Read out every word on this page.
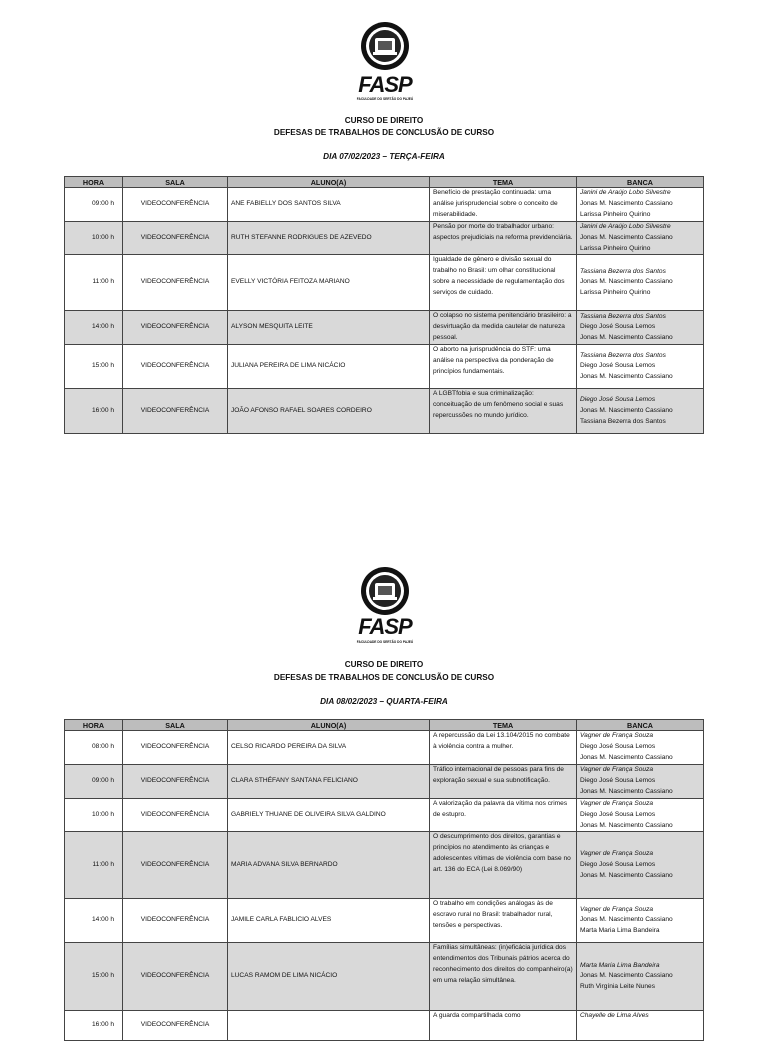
FASP
FACULDADE DO SERTÃO DO PAJEÚ
CURSO DE DIREITO
DEFESAS DE TRABALHOS DE CONCLUSÃO DE CURSO
DIA 07/02/2023 – TERÇA-FEIRA
HORA	SALA	ALUNO(A)	TEMA	BANCA
09:00 h	VIDEOCONFERÊNCIA	ANE FABIELLY DOS SANTOS SILVA	Benefício de prestação continuada: uma análise jurisprudencial sobre o conceito de miserabilidade.	Janini de Araújo Lobo Silvestre
Jonas M. Nascimento Cassiano
Larissa Pinheiro Quirino

10:00 h	VIDEOCONFERÊNCIA	RUTH STEFANNE RODRIGUES DE AZEVEDO	Pensão por morte do trabalhador urbano: aspectos prejudiciais na reforma previdenciária.	Janini de Araújo Lobo Silvestre
Jonas M. Nascimento Cassiano
Larissa Pinheiro Quirino

11:00 h	VIDEOCONFERÊNCIA	EVELLY VICTÓRIA FEITOZA MARIANO	Igualdade de gênero e divisão sexual do trabalho no Brasil: um olhar constitucional sobre a necessidade de regulamentação dos serviços de cuidado.	Tassiana Bezerra dos Santos
Jonas M. Nascimento Cassiano
Larissa Pinheiro Quirino

14:00 h	VIDEOCONFERÊNCIA	ALYSON MESQUITA LEITE	O colapso no sistema penitenciário brasileiro: a desvirtuação da medida cautelar de natureza pessoal.	Tassiana Bezerra dos Santos
Diego José Sousa Lemos
Jonas M. Nascimento Cassiano

15:00 h	VIDEOCONFERÊNCIA	JULIANA PEREIRA DE LIMA NICÁCIO	O aborto na jurisprudência do STF: uma análise na perspectiva da ponderação de princípios fundamentais.	Tassiana Bezerra dos Santos
Diego José Sousa Lemos
Jonas M. Nascimento Cassiano

16:00 h	VIDEOCONFERÊNCIA	JOÃO AFONSO RAFAEL SOARES CORDEIRO	A LGBTfobia e sua criminalização: conceituação de um fenômeno social e suas repercussões no mundo jurídico.	Diego José Sousa Lemos
Jonas M. Nascimento Cassiano
Tassiana Bezerra dos Santos
FASP
FACULDADE DO SERTÃO DO PAJEÚ
CURSO DE DIREITO
DEFESAS DE TRABALHOS DE CONCLUSÃO DE CURSO
DIA 08/02/2023 – QUARTA-FEIRA
HORA	SALA	ALUNO(A)	TEMA	BANCA
08:00 h	VIDEOCONFERÊNCIA	CELSO RICARDO PEREIRA DA SILVA	A repercussão da Lei 13.104/2015 no combate à violência contra a mulher.	Vagner de França Souza
Diego José Sousa Lemos
Jonas M. Nascimento Cassiano

09:00 h	VIDEOCONFERÊNCIA	CLARA STHÉFANY SANTANA FELICIANO	Tráfico internacional de pessoas para fins de exploração sexual e sua subnotificação.	Vagner de França Souza
Diego José Sousa Lemos
Jonas M. Nascimento Cassiano

10:00 h	VIDEOCONFERÊNCIA	GABRIELY THUANE DE OLIVEIRA SILVA GALDINO	A valorização da palavra da vítima nos crimes de estupro.	Vagner de França Souza
Diego José Sousa Lemos
Jonas M. Nascimento Cassiano

11:00 h	VIDEOCONFERÊNCIA	MARIA ADVANA SILVA BERNARDO	O descumprimento dos direitos, garantias e princípios no atendimento às crianças e adolescentes vítimas de violência com base no art. 136 do ECA (Lei 8.069/90)	Vagner de França Souza
Diego José Sousa Lemos
Jonas M. Nascimento Cassiano

14:00 h	VIDEOCONFERÊNCIA	JAMILE CARLA FABLICIO ALVES	O trabalho em condições análogas às de escravo rural no Brasil: trabalhador rural, tensões e perspectivas.	Vagner de França Souza
Jonas M. Nascimento Cassiano
Marta Maria Lima Bandeira

15:00 h	VIDEOCONFERÊNCIA	LUCAS RAMOM DE LIMA NICÁCIO	Famílias simultâneas: (in)eficácia jurídica dos entendimentos dos Tribunais pátrios acerca do reconhecimento dos direitos do companheiro(a) em uma relação simultânea.	Marta Maria Lima Bandeira
Jonas M. Nascimento Cassiano
Ruth Virgínia Leite Nunes

16:00 h	VIDEOCONFERÊNCIA		A guarda compartilhada como	Chayelle de Lima Alves
